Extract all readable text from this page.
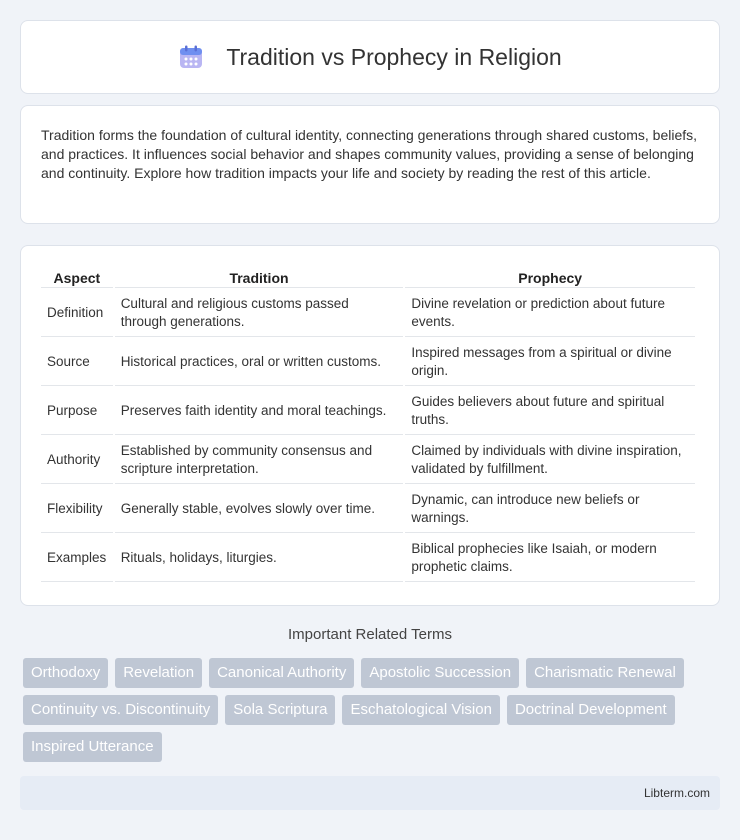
Tradition vs Prophecy in Religion

Tradition forms the foundation of cultural identity, connecting generations through shared customs, beliefs, and practices. It influences social behavior and shapes community values, providing a sense of belonging and continuity. Explore how tradition impacts your life and society by reading the rest of this article.

Aspect	Tradition	Prophecy
Definition	Cultural and religious customs passed through generations.	Divine revelation or prediction about future events.
Source	Historical practices, oral or written customs.	Inspired messages from a spiritual or divine origin.
Purpose	Preserves faith identity and moral teachings.	Guides believers about future and spiritual truths.
Authority	Established by community consensus and scripture interpretation.	Claimed by individuals with divine inspiration, validated by fulfillment.
Flexibility	Generally stable, evolves slowly over time.	Dynamic, can introduce new beliefs or warnings.
Examples	Rituals, holidays, liturgies.	Biblical prophecies like Isaiah, or modern prophetic claims.
Important Related Terms
Orthodoxy	Revelation	Canonical Authority	Apostolic Succession	Charismatic Renewal
Continuity vs. Discontinuity	Sola Scriptura	Eschatological Vision	Doctrinal Development
Inspired Utterance
Libterm.com
